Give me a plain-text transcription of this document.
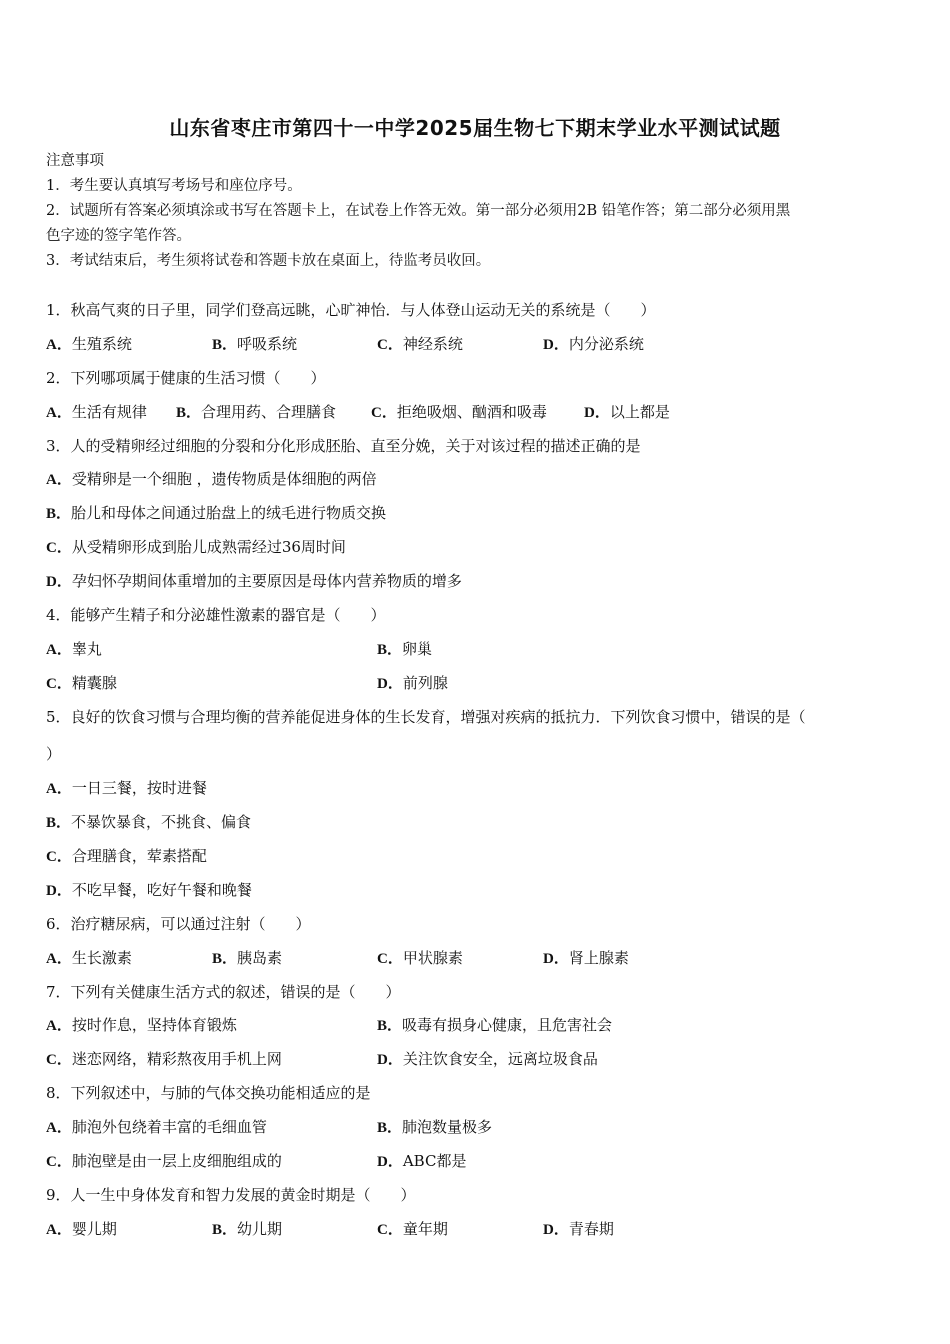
山东省枣庄市第四十一中学2025届生物七下期末学业水平测试试题
注意事项
1．考生要认真填写考场号和座位序号。
2．试题所有答案必须填涂或书写在答题卡上，在试卷上作答无效。第一部分必须用2B 铅笔作答；第二部分必须用黑
色字迹的签字笔作答。
3．考试结束后，考生须将试卷和答题卡放在桌面上，待监考员收回。
1．秋高气爽的日子里，同学们登高远眺，心旷神怡．与人体登山运动无关的系统是（　　）
A．生殖系统	B．呼吸系统	C．神经系统	D．内分泌系统
2．下列哪项属于健康的生活习惯（　　）
A．生活有规律 B．合理用药、合理膳食 C．拒绝吸烟、酗酒和吸毒 D．以上都是
3．人的受精卵经过细胞的分裂和分化形成胚胎、直至分娩，关于对该过程的描述正确的是
A．受精卵是一个细胞 ，遗传物质是体细胞的两倍
B．胎儿和母体之间通过胎盘上的绒毛进行物质交换
C．从受精卵形成到胎儿成熟需经过36周时间
D．孕妇怀孕期间体重增加的主要原因是母体内营养物质的增多
4．能够产生精子和分泌雄性激素的器官是（　　）
A．睾丸	B．卵巢
C．精囊腺	D．前列腺
5．良好的饮食习惯与合理均衡的营养能促进身体的生长发育，增强对疾病的抵抗力．下列饮食习惯中，错误的是（
）
A．一日三餐，按时进餐
B．不暴饮暴食，不挑食、偏食
C．合理膳食，荤素搭配
D．不吃早餐，吃好午餐和晚餐
6．治疗糖尿病，可以通过注射（　　）
A．生长激素	B．胰岛素	C．甲状腺素	D．肾上腺素
7．下列有关健康生活方式的叙述，错误的是（　　）
A．按时作息，坚持体育锻炼	B．吸毒有损身心健康，且危害社会
C．迷恋网络，精彩熬夜用手机上网	D．关注饮食安全，远离垃圾食品
8．下列叙述中，与肺的气体交换功能相适应的是
A．肺泡外包绕着丰富的毛细血管	B．肺泡数量极多
C．肺泡壁是由一层上皮细胞组成的	D．ABC都是
9．人一生中身体发育和智力发展的黄金时期是（　　）
A．婴儿期	B．幼儿期	C．童年期	D．青春期
